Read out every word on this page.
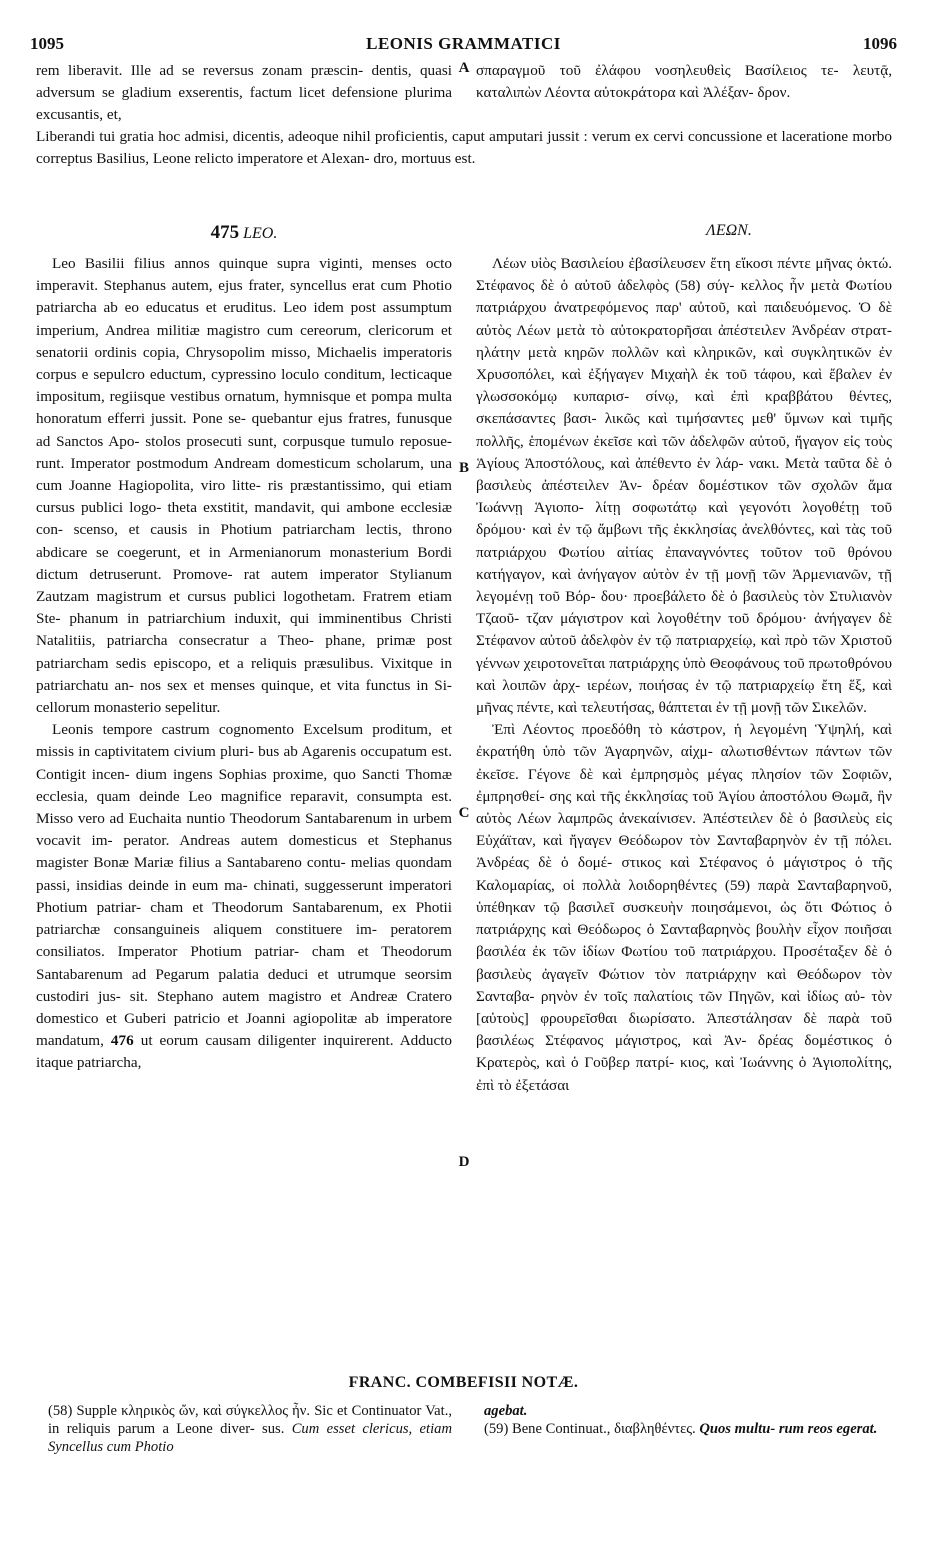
1095	LEONIS GRAMMATICI	1096

rem liberavit. Ille ad se reversus zonam præscin- dentis, quasi adversum se gladium exserentis, factum licet defensione plurima excusantis, et,

A σπαραγμοῦ τοῦ ἐλάφου νοσηλευθεὶς Βασίλειος τε- λευτᾷ, καταλιπὼν Λέοντα αὐτοκράτορα καὶ Ἀλέξαν- δρον.

Liberandi tui gratia hoc admisi, dicentis, adeoque nihil proficientis, caput amputari jussit : verum ex cervi concussione et laceratione morbo correptus Basilius, Leone relicto imperatore et Alexan- dro, mortuus est.

475 LEO.	ΛΕΩΝ.

Leo Basilii filius annos quinque supra viginti, menses octo imperavit. Stephanus autem, ejus frater, syncellus erat cum Photio patriarcha ab eo educatus et eruditus. Leo idem post assumptum imperium, Andrea militiæ magistro cum cereorum, clericorum et senatorii ordinis copia, Chrysopolim misso, Michaelis imperatoris corpus e sepulcro eductum, cypressino loculo conditum, lecticaque impositum, regiisque vestibus ornatum, hymnisque et pompa multa honoratum efferri jussit. Pone se- quebantur ejus fratres, funusque ad Sanctos Apo- stolos prosecuti sunt, corpusque tumulo reposue- runt. Imperator postmodum Andream domesticum scholarum, una cum Joanne Hagiopolita, viro litte- ris præstantissimo, qui etiam cursus publici logo- theta exstitit, mandavit, qui ambone ecclesiæ con- scenso, et causis in Photium patriarcham lectis, throno abdicare se coegerunt, et in Armenianorum monasterium Bordi dictum detruserunt. Promove- rat autem imperator Stylianum Zautzam magistrum et cursus publici logothetam. Fratrem etiam Ste- phanum in patriarchium induxit, qui imminentibus Christi Natalitiis, patriarcha consecratur a Theo- phane, primæ post patriarcham sedis episcopo, et a reliquis præsulibus. Vixitque in patriarchatu an- nos sex et menses quinque, et vita functus in Si- cellorum monasterio sepelitur.

Leonis tempore castrum cognomento Excelsum proditum, et missis in captivitatem civium pluri- bus ab Agarenis occupatum est. Contigit incen- dium ingens Sophias proxime, quo Sancti Thomæ ecclesia, quam deinde Leo magnifice reparavit, consumpta est. Misso vero ad Euchaita nuntio Theodorum Santabarenum in urbem vocavit im- perator. Andreas autem domesticus et Stephanus magister Bonæ Mariæ filius a Santabareno contu- melias quondam passi, insidias deinde in eum ma- chinati, suggesserunt imperatori Photium patriar- cham et Theodorum Santabarenum, ex Photii patriarchæ consanguineis aliquem constituere im- peratorem consiliatos. Imperator Photium patriar- cham et Theodorum Santabarenum ad Pegarum palatia deduci et utrumque seorsim custodiri jus- sit. Stephano autem magistro et Andreæ Cratero domestico et Guberi patricio et Joanni agiopolitæ ab imperatore mandatum, 476 ut eorum causam diligenter inquirerent. Adducto itaque patriarcha,

B
C
D

Λέων υἱὸς Βασιλείου ἐβασίλευσεν ἔτη εἴκοσι πέντε μῆνας ὀκτώ. Στέφανος δὲ ὁ αὐτοῦ ἀδελφὸς (58) σύγ- κελλος ἦν μετὰ Φωτίου πατριάρχου ἀνατρεφόμενος παρ' αὐτοῦ, καὶ παιδευόμενος. Ὁ δὲ αὐτὸς Λέων μετὰ τὸ αὐτοκρατορῆσαι ἀπέστειλεν Ἀνδρέαν στρατ- ηλάτην μετὰ κηρῶν πολλῶν καὶ κληρικῶν, καὶ συγκλητικῶν ἐν Χρυσοπόλει, καὶ ἐξήγαγεν Μιχαὴλ ἐκ τοῦ τάφου, καὶ ἔβαλεν ἐν γλωσσοκόμῳ κυπαρισ- σίνῳ, καὶ ἐπὶ κραββάτου θέντες, σκεπάσαντες βασι- λικῶς καὶ τιμήσαντες μεθ' ὕμνων καὶ τιμῆς πολλῆς, ἑπομένων ἐκεῖσε καὶ τῶν ἀδελφῶν αὐτοῦ, ἤγαγον εἰς τοὺς Ἁγίους Ἀποστόλους, καὶ ἀπέθεντο ἐν λάρ- νακι. Μετὰ ταῦτα δὲ ὁ βασιλεὺς ἀπέστειλεν Ἀν- δρέαν δομέστικον τῶν σχολῶν ἅμα Ἰωάννῃ Ἁγιοπο- λίτῃ σοφωτάτῳ καὶ γεγονότι λογοθέτῃ τοῦ δρόμου· καὶ ἐν τῷ ἄμβωνι τῆς ἐκκλησίας ἀνελθόντες, καὶ τὰς τοῦ πατριάρχου Φωτίου αἰτίας ἐπαναγνόντες τοῦτον τοῦ θρόνου κατήγαγον, καὶ ἀνήγαγον αὐτὸν ἐν τῇ μονῇ τῶν Ἀρμενιανῶν, τῇ λεγομένῃ τοῦ Βόρ- δου· προεβάλετο δὲ ὁ βασιλεὺς τὸν Στυλιανὸν Τζαοῦ- τζαν μάγιστρον καὶ λογοθέτην τοῦ δρόμου· ἀνήγαγεν δὲ Στέφανον αὐτοῦ ἀδελφὸν ἐν τῷ πατριαρχείῳ, καὶ πρὸ τῶν Χριστοῦ γέννων χειροτονεῖται πατριάρχης ὑπὸ Θεοφάνους τοῦ πρωτοθρόνου καὶ λοιπῶν ἀρχ- ιερέων, ποιήσας ἐν τῷ πατριαρχείῳ ἔτη ἕξ, καὶ μῆνας πέντε, καὶ τελευτήσας, θάπτεται ἐν τῇ μονῇ τῶν Σικελῶν.

Ἐπὶ Λέοντος προεδόθη τὸ κάστρον, ἡ λεγομένη Ὑψηλή, καὶ ἐκρατήθη ὑπὸ τῶν Ἀγαρηνῶν, αἰχμ- αλωτισθέντων πάντων τῶν ἐκεῖσε. Γέγονε δὲ καὶ ἐμπρησμὸς μέγας πλησίον τῶν Σοφιῶν, ἐμπρησθεί- σης καὶ τῆς ἐκκλησίας τοῦ Ἁγίου ἀποστόλου Θωμᾶ, ἣν αὐτὸς Λέων λαμπρῶς ἀνεκαίνισεν. Ἀπέστειλεν δὲ ὁ βασιλεὺς εἰς Εὐχάϊταν, καὶ ἤγαγεν Θεόδωρον τὸν Σανταβαρηνὸν ἐν τῇ πόλει. Ἀνδρέας δὲ ὁ δομέ- στικος καὶ Στέφανος ὁ μάγιστρος ὁ τῆς Καλομαρίας, οἱ πολλὰ λοιδορηθέντες (59) παρὰ Σανταβαρηνοῦ, ὑπέθηκαν τῷ βασιλεῖ συσκευὴν ποιησάμενοι, ὡς ὅτι Φώτιος ὁ πατριάρχης καὶ Θεόδωρος ὁ Σανταβαρηνὸς βουλὴν εἶχον ποιῆσαι βασιλέα ἐκ τῶν ἰδίων Φωτίου τοῦ πατριάρχου. Προσέταξεν δὲ ὁ βασιλεὺς ἀγαγεῖν Φώτιον τὸν πατριάρχην καὶ Θεόδωρον τὸν Σανταβα- ρηνὸν ἐν τοῖς παλατίοις τῶν Πηγῶν, καὶ ἰδίως αὐ- τὸν [αὐτοὺς] φρουρεῖσθαι διωρίσατο. Ἀπεστάλησαν δὲ παρὰ τοῦ βασιλέως Στέφανος μάγιστρος, καὶ Ἀν- δρέας δομέστικος ὁ Κρατερὸς, καὶ ὁ Γοῦβερ πατρί- κιος, καὶ Ἰωάννης ὁ Ἁγιοπολίτης, ἐπὶ τὸ ἐξετάσαι

FRANC. COMBEFISII NOTÆ.
(58) Supple κληρικὸς ὤν, καὶ σύγκελλος ἦν. Sic et Continuator Vat., in reliquis parum a Leone diver- sus. Cum esset clericus, etiam Syncellus cum Photio
agebat.
(59) Bene Continuat., διαβληθέντες. Quos multu- rum reos egerat.
